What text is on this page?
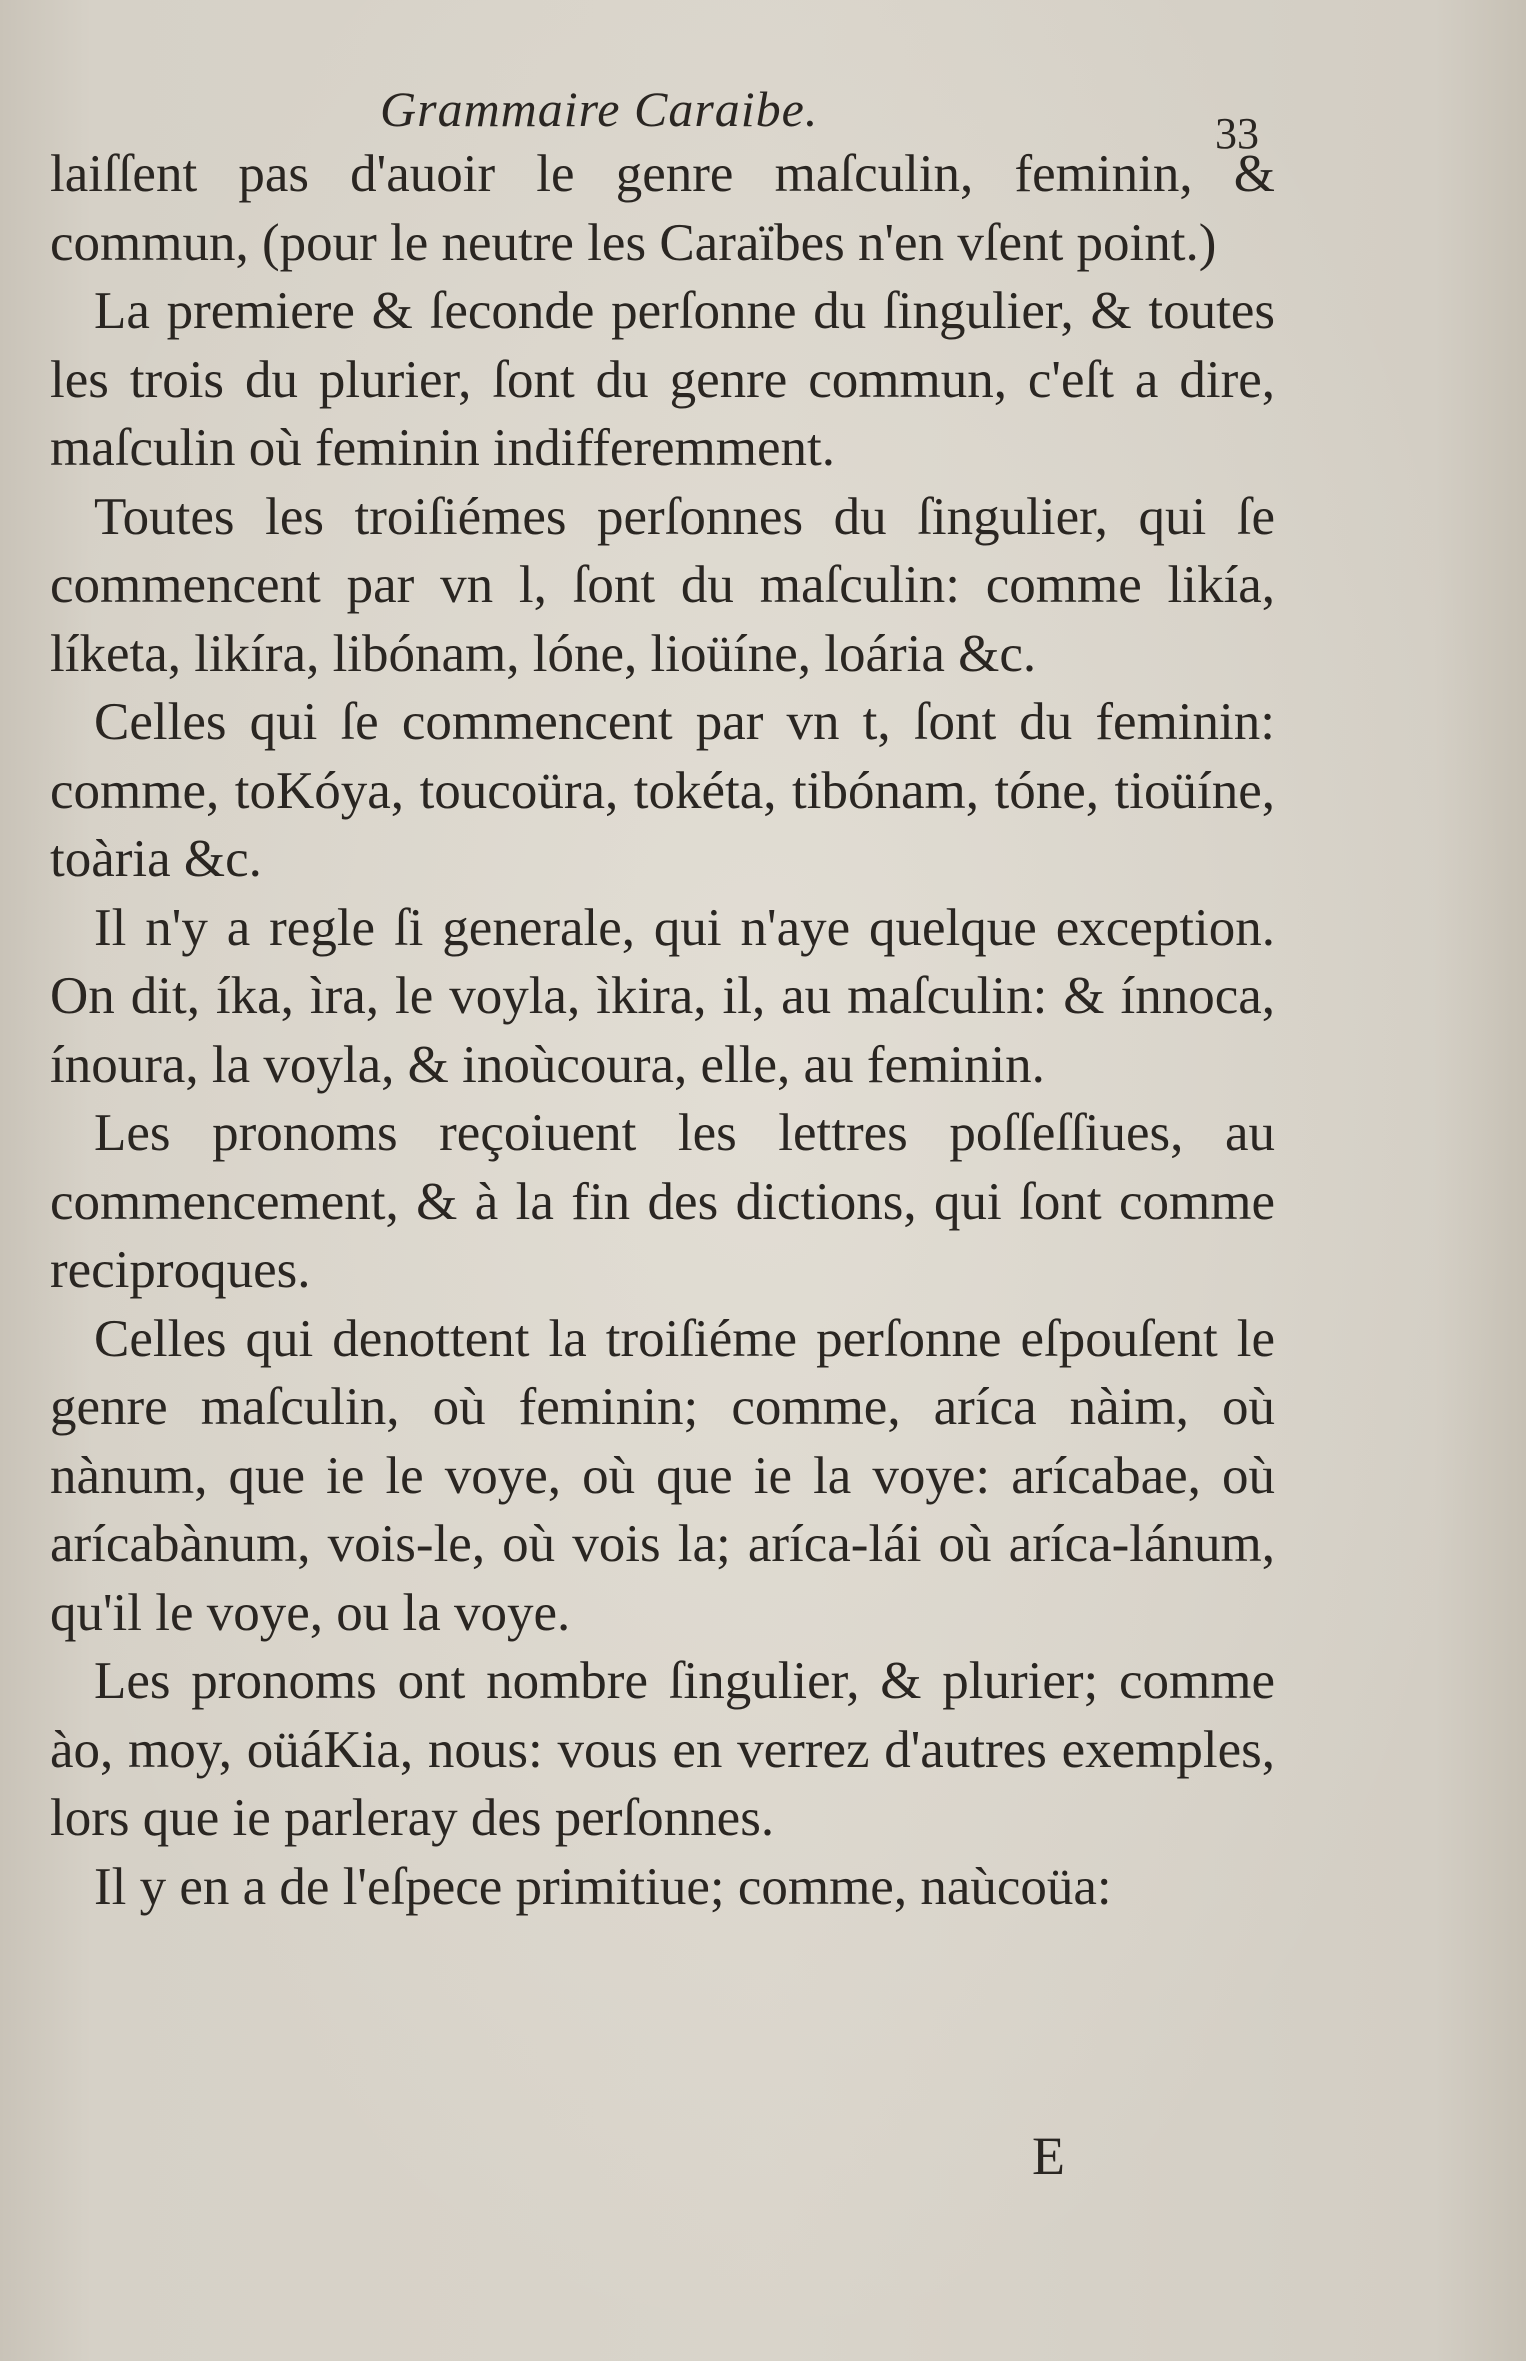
Grammaire Caraibe.	33

laiſſent pas d'auoir le genre maſculin, feminin, & commun, (pour le neutre les Caraïbes n'en vſent point.)

La premiere & ſeconde perſonne du ſingulier, & toutes les trois du plurier, ſont du genre commun, c'eſt a dire, maſculin où feminin indifferemment.

Toutes les troiſiémes perſonnes du ſingulier, qui ſe commencent par vn l, ſont du maſculin: comme likía, líketa, likíra, libónam, lóne, lioüíne, loária &c.

Celles qui ſe commencent par vn t, ſont du feminin: comme, toKóya, toucoüra, tokéta, tibónam, tóne, tioüíne, toària &c.

Il n'y a regle ſi generale, qui n'aye quelque exception. On dit, íka, ìra, le voyla, ìkira, il, au maſculin: & ínnoca, ínoura, la voyla, & inoùcoura, elle, au feminin.

Les pronoms reçoiuent les lettres poſſeſſiues, au commencement, & à la fin des dictions, qui ſont comme reciproques.

Celles qui denottent la troiſiéme perſonne eſpouſent le genre maſculin, où feminin; comme, aríca nàim, où nànum, que ie le voye, où que ie la voye: arícabae, où arícabànum, vois-le, où vois la; aríca-lái où aríca-lánum, qu'il le voye, ou la voye.

Les pronoms ont nombre ſingulier, & plurier; comme ào, moy, oüáKia, nous: vous en verrez d'autres exemples, lors que ie parleray des perſonnes.

Il y en a de l'eſpece primitiue; comme, naùcoüa:

E
